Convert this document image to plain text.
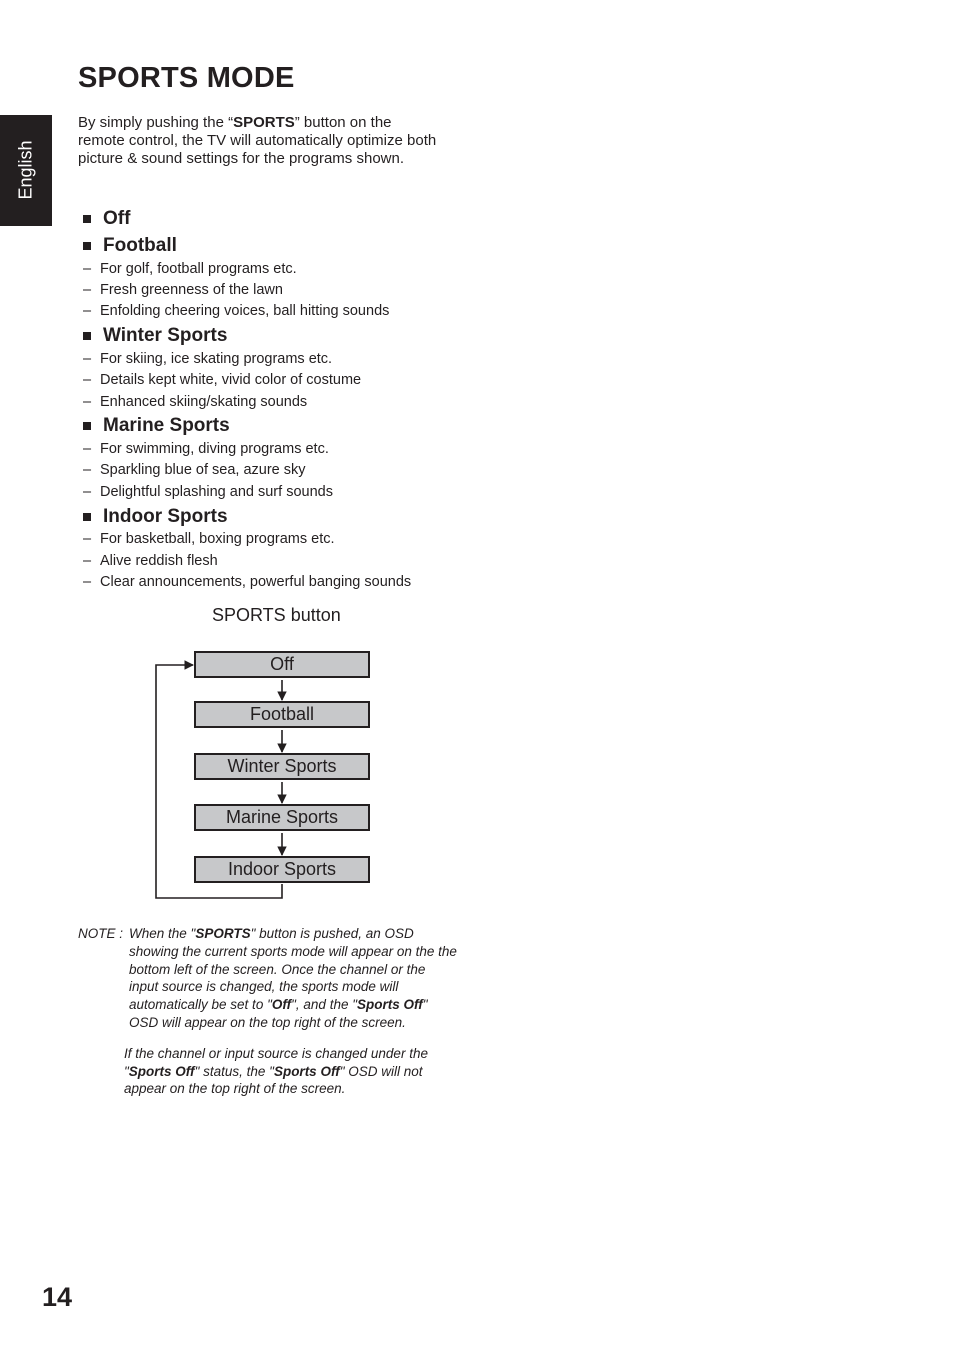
English
SPORTS MODE

By simply pushing the “SPORTS” button on the remote control, the TV will automatically optimize both picture & sound settings for the programs shown.

Off
Football
– For golf, football programs etc.
– Fresh greenness of the lawn
– Enfolding cheering voices, ball hitting sounds
Winter Sports
– For skiing, ice skating programs etc.
– Details kept white, vivid color of costume
– Enhanced skiing/skating sounds
Marine Sports
– For swimming, diving programs etc.
– Sparkling blue of sea, azure sky
– Delightful splashing and surf sounds
Indoor Sports
– For basketball, boxing programs etc.
– Alive reddish flesh
– Clear announcements, powerful banging sounds

SPORTS button

Off
Football
Winter Sports
Marine Sports
Indoor Sports
NOTE : When the "SPORTS" button is pushed, an OSD showing the current sports mode will appear on the the bottom left of the screen. Once the channel or the input source is changed, the sports mode will automatically be set to "Off", and the "Sports Off" OSD will appear on the top right of the screen.
If the channel or input source is changed under the "Sports Off" status, the "Sports Off" OSD will not appear on the top right of the screen.
14
